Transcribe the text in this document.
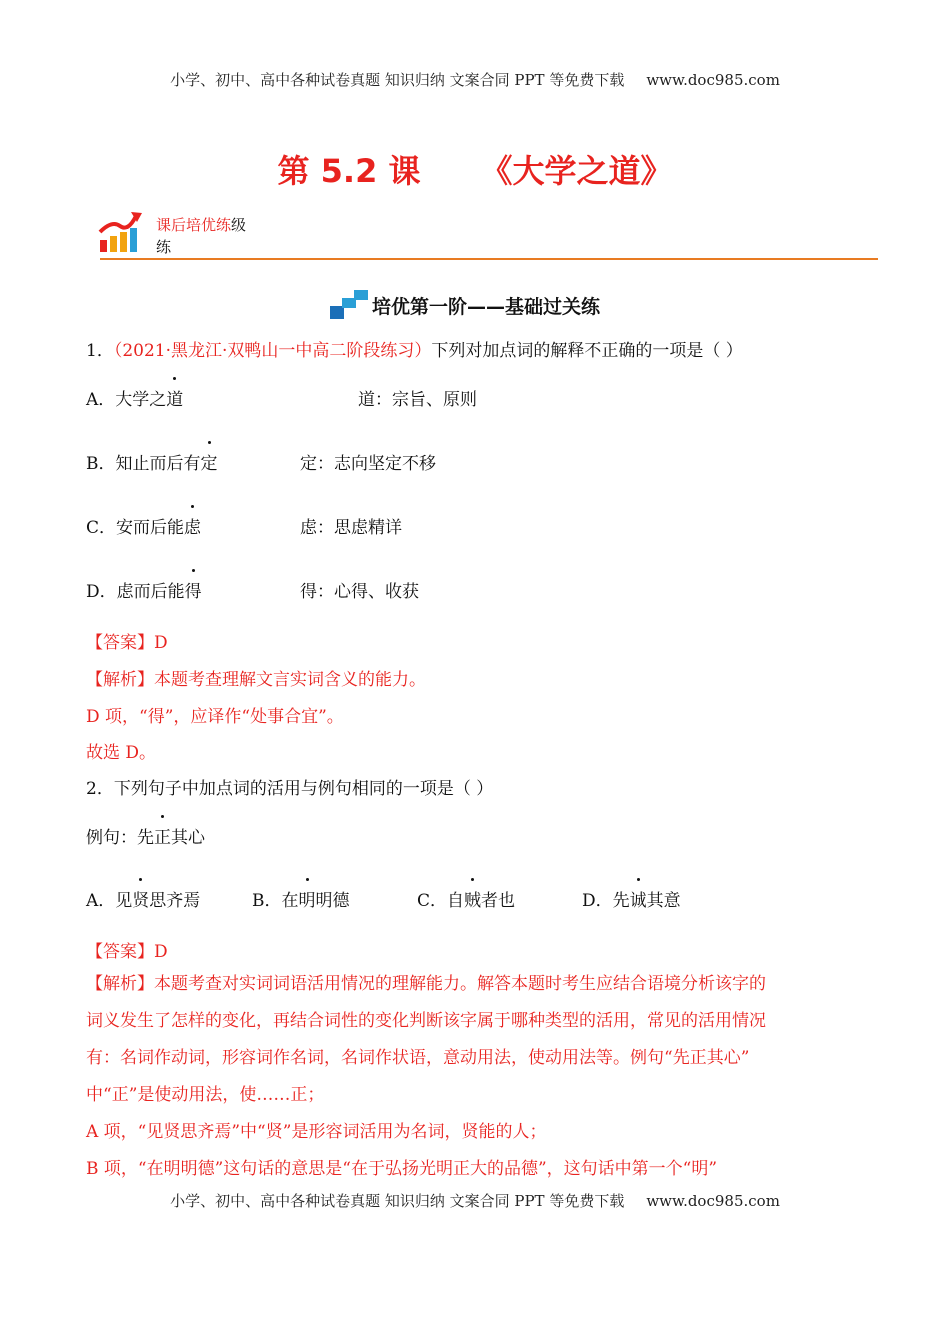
小学、初中、高中各种试卷真题 知识归纳 文案合同 PPT 等免费下载 www.doc985.com
第 5.2 课 《大学之道》
课后培优练级
练
培优第一阶——基础过关练
1．（2021·黑龙江·双鸭山一中高二阶段练习）下列对加点词的解释不正确的一项是（ ）
A．大学之道	道：宗旨、原则
B．知止而后有定	定：志向坚定不移
C．安而后能虑	虑：思虑精详
D．虑而后能得	得：心得、收获
【答案】D
【解析】本题考查理解文言实词含义的能力。
D 项，“得”，应译作“处事合宜”。
故选 D。
2．下列句子中加点词的活用与例句相同的一项是（ ）
例句：先正其心
A．见贤思齐焉	B．在明明德	C．自贼者也	D．先诚其意
【答案】D
【解析】本题考查对实词词语活用情况的理解能力。解答本题时考生应结合语境分析该字的
词义发生了怎样的变化，再结合词性的变化判断该字属于哪种类型的活用，常见的活用情况
有：名词作动词，形容词作名词，名词作状语，意动用法，使动用法等。例句“先正其心”
中“正”是使动用法，使……正；
A 项，“见贤思齐焉”中“贤”是形容词活用为名词，贤能的人；
B 项，“在明明德”这句话的意思是“在于弘扬光明正大的品德”，这句话中第一个“明”
小学、初中、高中各种试卷真题 知识归纳 文案合同 PPT 等免费下载 www.doc985.com
